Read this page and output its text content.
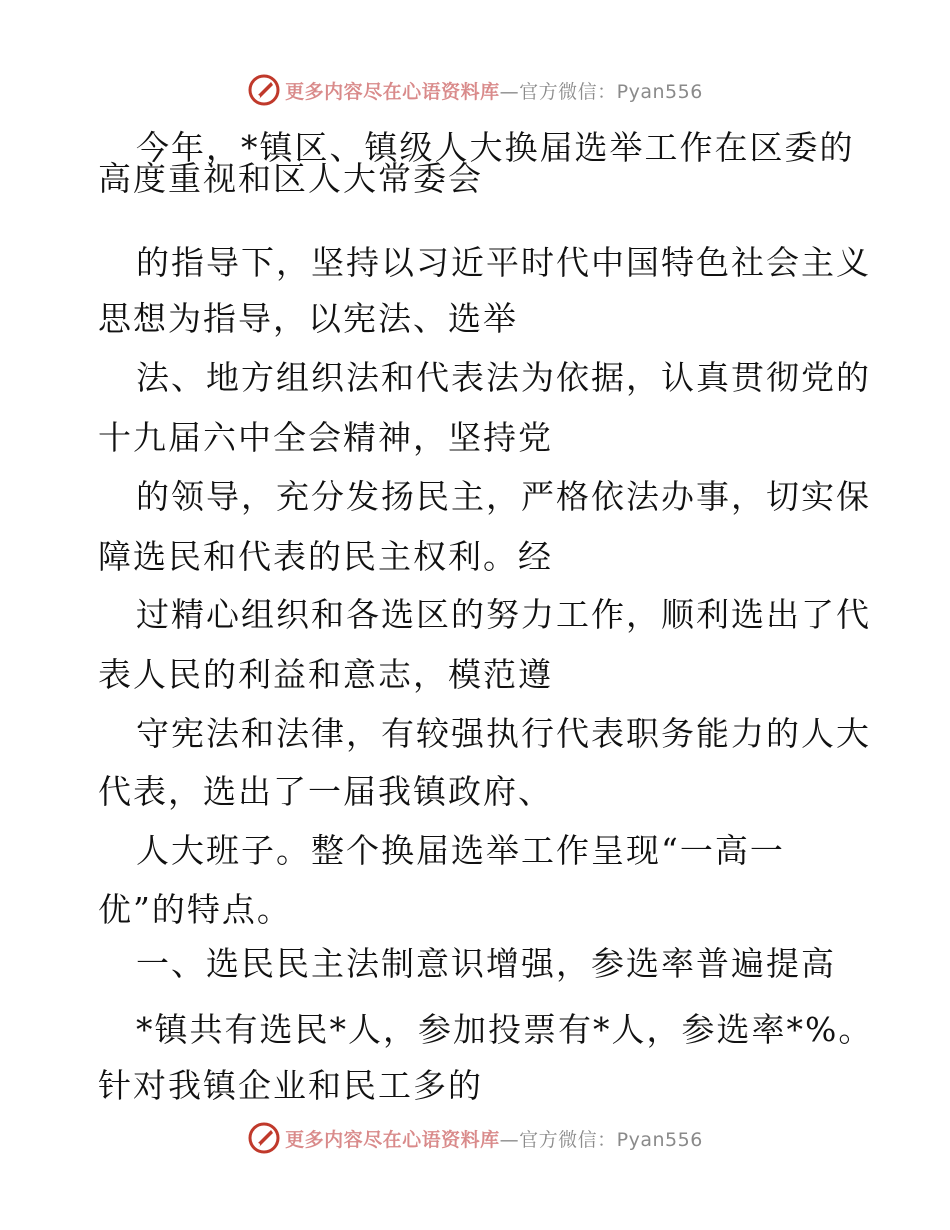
更多内容尽在心语资料库—官方微信：Pyan556
今年，*镇区、镇级人大换届选举工作在区委的
高度重视和区人大常委会
的指导下，坚持以习近平时代中国特色社会主义
思想为指导，以宪法、选举
法、地方组织法和代表法为依据，认真贯彻党的
十九届六中全会精神，坚持党
的领导，充分发扬民主，严格依法办事，切实保
障选民和代表的民主权利。经
过精心组织和各选区的努力工作，顺利选出了代
表人民的利益和意志，模范遵
守宪法和法律，有较强执行代表职务能力的人大
代表，选出了一届我镇政府、
人大班子。整个换届选举工作呈现“一高一
优”的特点。
一、选民民主法制意识增强，参选率普遍提高
*镇共有选民*人，参加投票有*人，参选率*%。
针对我镇企业和民工多的
更多内容尽在心语资料库—官方微信：Pyan556
